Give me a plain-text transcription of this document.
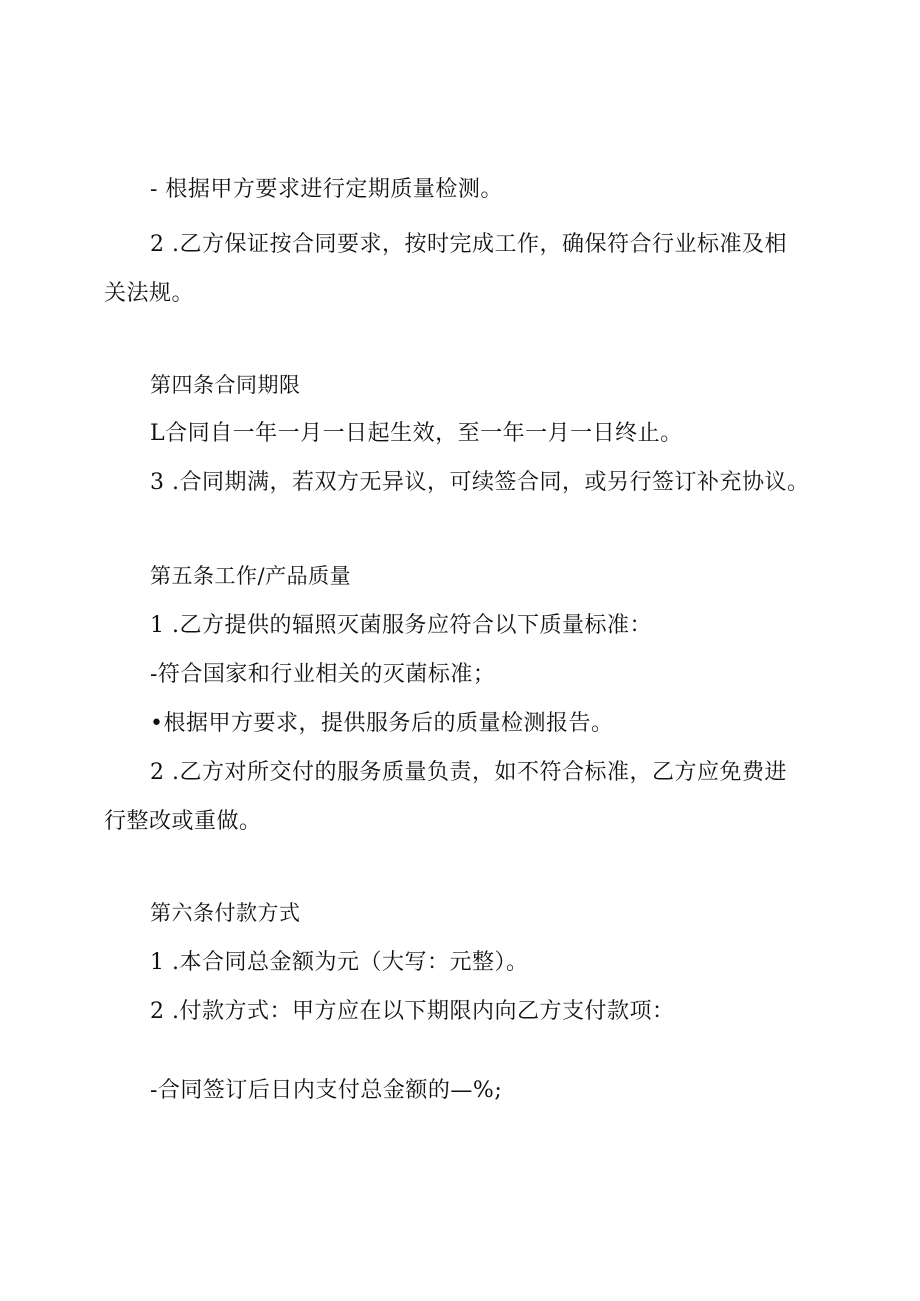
- 根据甲方要求进行定期质量检测。
2 .乙方保证按合同要求，按时完成工作，确保符合行业标准及相
关法规。
第四条合同期限
L合同自一年一月一日起生效，至一年一月一日终止。
3 .合同期满，若双方无异议，可续签合同，或另行签订补充协议。
第五条工作/产品质量
1 .乙方提供的辐照灭菌服务应符合以下质量标准：
-符合国家和行业相关的灭菌标准；
•根据甲方要求，提供服务后的质量检测报告。
2 .乙方对所交付的服务质量负责，如不符合标准，乙方应免费进
行整改或重做。
第六条付款方式
1 .本合同总金额为元（大写：元整）。
2 .付款方式：甲方应在以下期限内向乙方支付款项：
-合同签订后日内支付总金额的—%;
